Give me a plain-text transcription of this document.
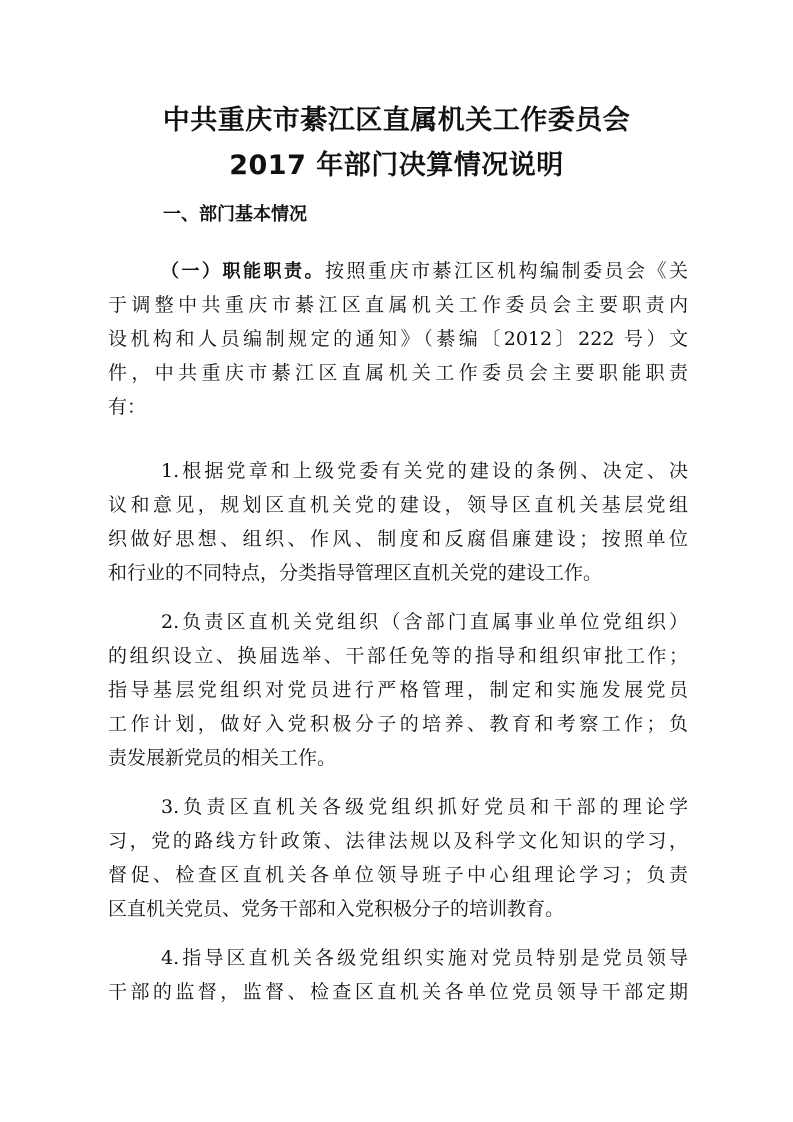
中共重庆市綦江区直属机关工作委员会
2017 年部门决算情况说明
一、部门基本情况
（一）职能职责。按照重庆市綦江区机构编制委员会《关
于调整中共重庆市綦江区直属机关工作委员会主要职责内
设机构和人员编制规定的通知》（綦编〔2012〕222 号）文
件，中共重庆市綦江区直属机关工作委员会主要职能职责
有：
1.根据党章和上级党委有关党的建设的条例、决定、决
议和意见，规划区直机关党的建设，领导区直机关基层党组
织做好思想、组织、作风、制度和反腐倡廉建设；按照单位
和行业的不同特点，分类指导管理区直机关党的建设工作。
2.负责区直机关党组织（含部门直属事业单位党组织）
的组织设立、换届选举、干部任免等的指导和组织审批工作；
指导基层党组织对党员进行严格管理，制定和实施发展党员
工作计划，做好入党积极分子的培养、教育和考察工作；负
责发展新党员的相关工作。
3.负责区直机关各级党组织抓好党员和干部的理论学
习，党的路线方针政策、法律法规以及科学文化知识的学习，
督促、检查区直机关各单位领导班子中心组理论学习；负责
区直机关党员、党务干部和入党积极分子的培训教育。
4.指导区直机关各级党组织实施对党员特别是党员领导
干部的监督，监督、检查区直机关各单位党员领导干部定期
